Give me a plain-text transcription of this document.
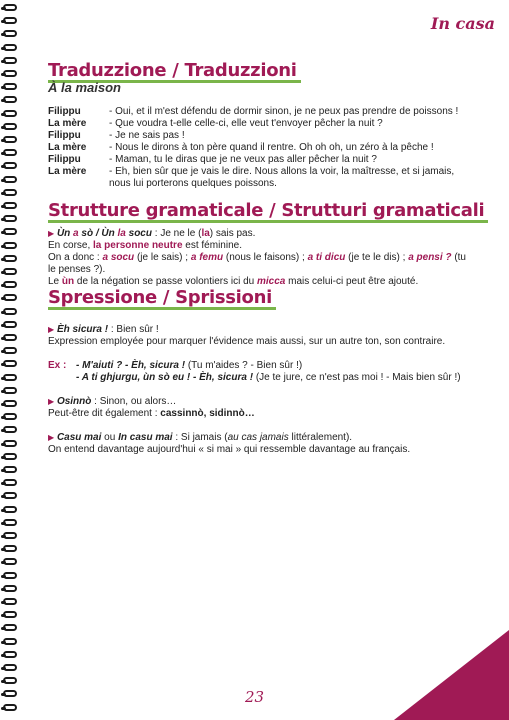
In casa
Traduzzione / Traduzzioni
À la maison
Filippu	- Oui, et il m'est défendu de dormir sinon, je ne peux pas prendre de poissons !
La mère	- Que voudra t-elle celle-ci, elle veut t'envoyer pêcher la nuit ?
Filippu	- Je ne sais pas !
La mère	- Nous le dirons à ton père quand il rentre. Oh oh oh, un zéro à la pêche !
Filippu	- Maman, tu le diras que je ne veux pas aller pêcher la nuit ?
La mère	- Eh, bien sûr que je vais le dire. Nous allons la voir, la maîtresse, et si jamais, nous lui porterons quelques poissons.
Strutture gramaticale / Strutturi gramaticali
▶ Ùn a sò / Ùn la socu : Je ne le (la) sais pas.
En corse, la personne neutre est féminine.
On a donc : a socu (je le sais) ; a femu (nous le faisons) ; a ti dicu (je te le dis) ; a pensi ? (tu le penses ?).
Le ùn de la négation se passe volontiers ici du micca mais celui-ci peut être ajouté.
Spressione / Sprissioni
▶ Èh sicura ! : Bien sûr !
Expression employée pour marquer l'évidence mais aussi, sur un autre ton, son contraire.
Ex : - M'aiuti ? - Èh, sicura ! (Tu m'aides ? - Bien sûr !)
- A ti ghjurgu, ùn sò eu ! - Èh, sicura ! (Je te jure, ce n'est pas moi ! - Mais bien sûr !)
▶ Osinnò : Sinon, ou alors…
Peut-être dit également : cassinnò, sidinnò…
▶ Casu mai ou In casu mai : Si jamais (au cas jamais littéralement).
On entend davantage aujourd'hui « si mai » qui ressemble davantage au français.
23
